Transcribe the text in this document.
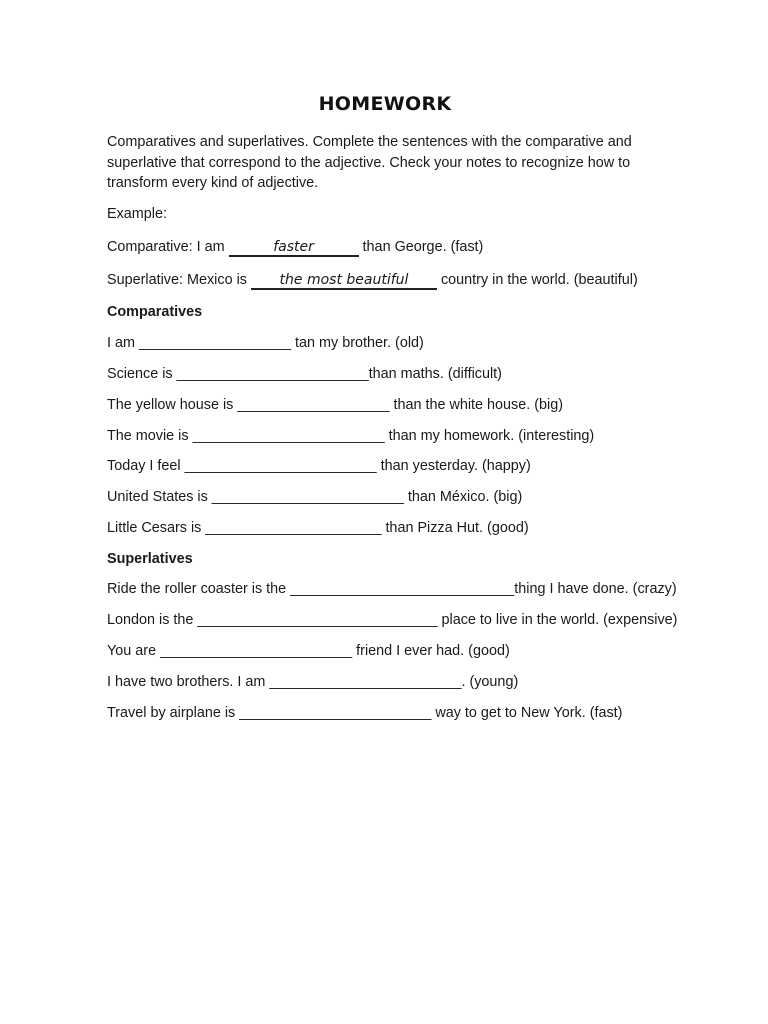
HOMEWORK
Comparatives and superlatives. Complete the sentences with the comparative and superlative that correspond to the adjective. Check your notes to recognize how to transform every kind of adjective.
Example:
Comparative: I am	faster	than George. (fast)
Superlative: Mexico is the most beautiful country in the world. (beautiful)
Comparatives
I am ___________________ tan my brother. (old)
Science is ________________________than maths. (difficult)
The yellow house is ___________________ than the white house. (big)
The movie is ________________________ than my homework. (interesting)
Today I feel ________________________ than yesterday. (happy)
United States is ________________________ than México. (big)
Little Cesars is ______________________ than Pizza Hut. (good)
Superlatives
Ride the roller coaster is the ____________________________thing I have done. (crazy)
London is the ______________________________ place to live in the world. (expensive)
You are ________________________ friend I ever had. (good)
I have two brothers. I am ________________________. (young)
Travel by airplane is ________________________ way to get to New York. (fast)
